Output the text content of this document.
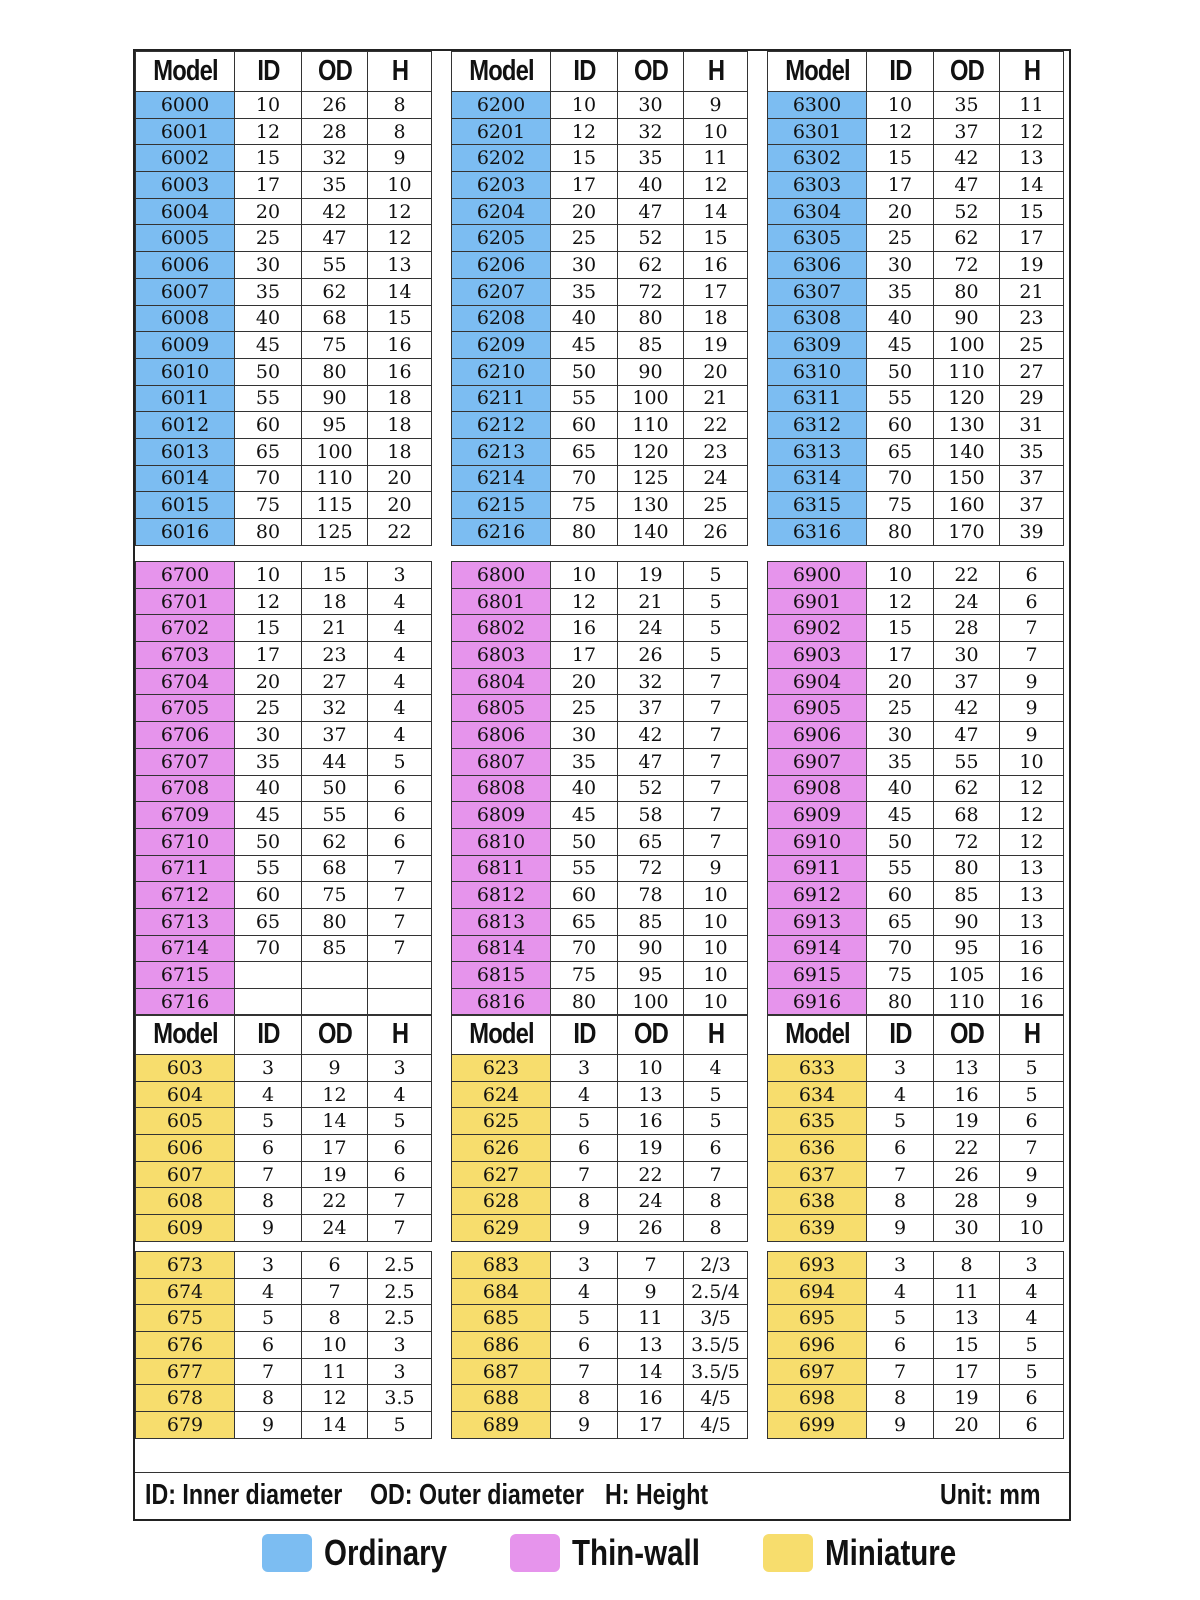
Model	ID	OD	H
6000	10	26	8
6001	12	28	8
6002	15	32	9
6003	17	35	10
6004	20	42	12
6005	25	47	12
6006	30	55	13
6007	35	62	14
6008	40	68	15
6009	45	75	16
6010	50	80	16
6011	55	90	18
6012	60	95	18
6013	65	100	18
6014	70	110	20
6015	75	115	20
6016	80	125	22
Model	ID	OD	H
6200	10	30	9
6201	12	32	10
6202	15	35	11
6203	17	40	12
6204	20	47	14
6205	25	52	15
6206	30	62	16
6207	35	72	17
6208	40	80	18
6209	45	85	19
6210	50	90	20
6211	55	100	21
6212	60	110	22
6213	65	120	23
6214	70	125	24
6215	75	130	25
6216	80	140	26
Model	ID	OD	H
6300	10	35	11
6301	12	37	12
6302	15	42	13
6303	17	47	14
6304	20	52	15
6305	25	62	17
6306	30	72	19
6307	35	80	21
6308	40	90	23
6309	45	100	25
6310	50	110	27
6311	55	120	29
6312	60	130	31
6313	65	140	35
6314	70	150	37
6315	75	160	37
6316	80	170	39
6700	10	15	3
6701	12	18	4
6702	15	21	4
6703	17	23	4
6704	20	27	4
6705	25	32	4
6706	30	37	4
6707	35	44	5
6708	40	50	6
6709	45	55	6
6710	50	62	6
6711	55	68	7
6712	60	75	7
6713	65	80	7
6714	70	85	7
6715			
6716			
6800	10	19	5
6801	12	21	5
6802	16	24	5
6803	17	26	5
6804	20	32	7
6805	25	37	7
6806	30	42	7
6807	35	47	7
6808	40	52	7
6809	45	58	7
6810	50	65	7
6811	55	72	9
6812	60	78	10
6813	65	85	10
6814	70	90	10
6815	75	95	10
6816	80	100	10
6900	10	22	6
6901	12	24	6
6902	15	28	7
6903	17	30	7
6904	20	37	9
6905	25	42	9
6906	30	47	9
6907	35	55	10
6908	40	62	12
6909	45	68	12
6910	50	72	12
6911	55	80	13
6912	60	85	13
6913	65	90	13
6914	70	95	16
6915	75	105	16
6916	80	110	16
Model	ID	OD	H
603	3	9	3
604	4	12	4
605	5	14	5
606	6	17	6
607	7	19	6
608	8	22	7
609	9	24	7
Model	ID	OD	H
623	3	10	4
624	4	13	5
625	5	16	5
626	6	19	6
627	7	22	7
628	8	24	8
629	9	26	8
Model	ID	OD	H
633	3	13	5
634	4	16	5
635	5	19	6
636	6	22	7
637	7	26	9
638	8	28	9
639	9	30	10
673	3	6	2.5
674	4	7	2.5
675	5	8	2.5
676	6	10	3
677	7	11	3
678	8	12	3.5
679	9	14	5
683	3	7	2/3
684	4	9	2.5/4
685	5	11	3/5
686	6	13	3.5/5
687	7	14	3.5/5
688	8	16	4/5
689	9	17	4/5
693	3	8	3
694	4	11	4
695	5	13	4
696	6	15	5
697	7	17	5
698	8	19	6
699	9	20	6
ID: Inner diameter OD: Outer diameter H: Height	Unit: mm
Ordinary	Thin-wall	Miniature
